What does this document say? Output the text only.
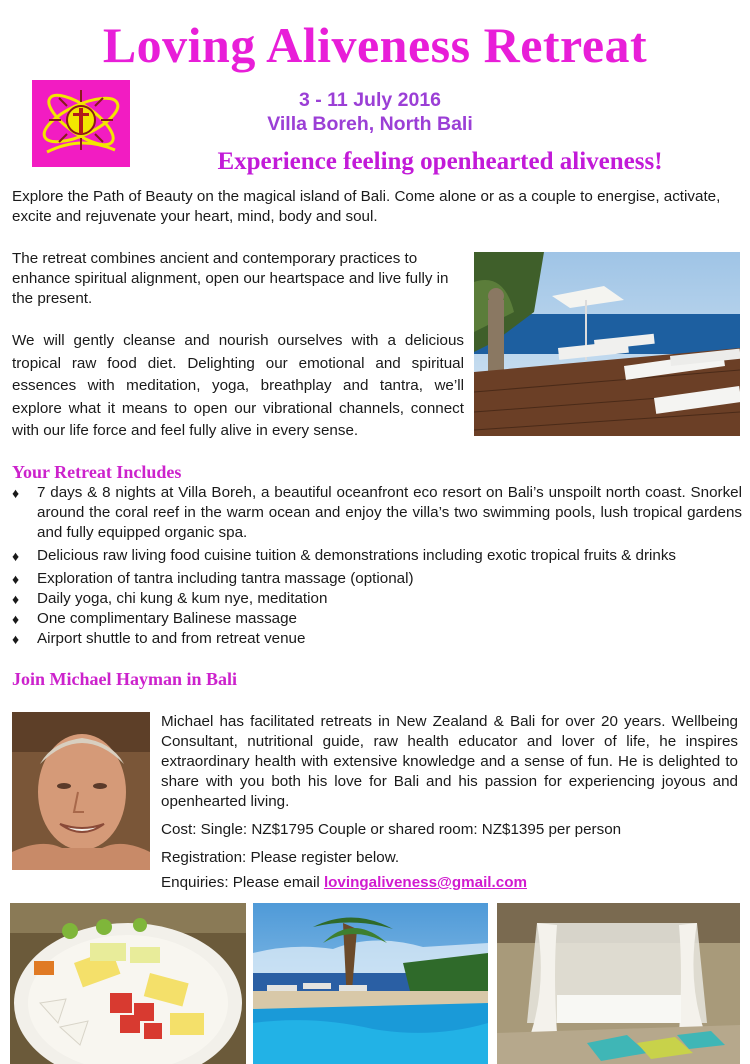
Loving Aliveness Retreat
3 - 11 July 2016
Villa Boreh, North Bali
Experience feeling openhearted aliveness!
Explore the Path of Beauty on the magical island of Bali. Come alone or as a couple to energise, activate, excite and rejuvenate your heart, mind, body and soul.
The retreat combines ancient and contemporary practices to enhance spiritual alignment, open our heartspace and live fully in the present.
We will gently cleanse and nourish ourselves with a delicious tropical raw food diet. Delighting our emotional and spiritual essences with meditation, yoga, breathplay and tantra, we’ll explore what it means to open our vibrational channels, connect with our life force and feel fully alive in every sense.
Your Retreat Includes
♦ 7 days & 8 nights at Villa Boreh, a beautiful oceanfront eco resort on Bali’s unspoilt north coast. Snorkel around the coral reef in the warm ocean and enjoy the villa’s two swimming pools, lush tropical gardens and fully equipped organic spa.
♦ Delicious raw living food cuisine tuition & demonstrations including exotic tropical fruits & drinks
♦ Exploration of tantra including tantra massage (optional)
♦ Daily yoga, chi kung & kum nye, meditation
♦ One complimentary Balinese massage
♦ Airport shuttle to and from retreat venue
Join Michael Hayman in Bali
Michael has facilitated retreats in New Zealand & Bali for over 20 years. Wellbeing Consultant, nutritional guide, raw health educator and lover of life, he inspires extraordinary health with extensive knowledge and a sense of fun. He is delighted to share with you both his love for Bali and his passion for experiencing joyous and openhearted living.
Cost: Single: NZ$1795 Couple or shared room: NZ$1395 per person
Registration: Please register below.
Enquiries: Please email lovingaliveness@gmail.com
